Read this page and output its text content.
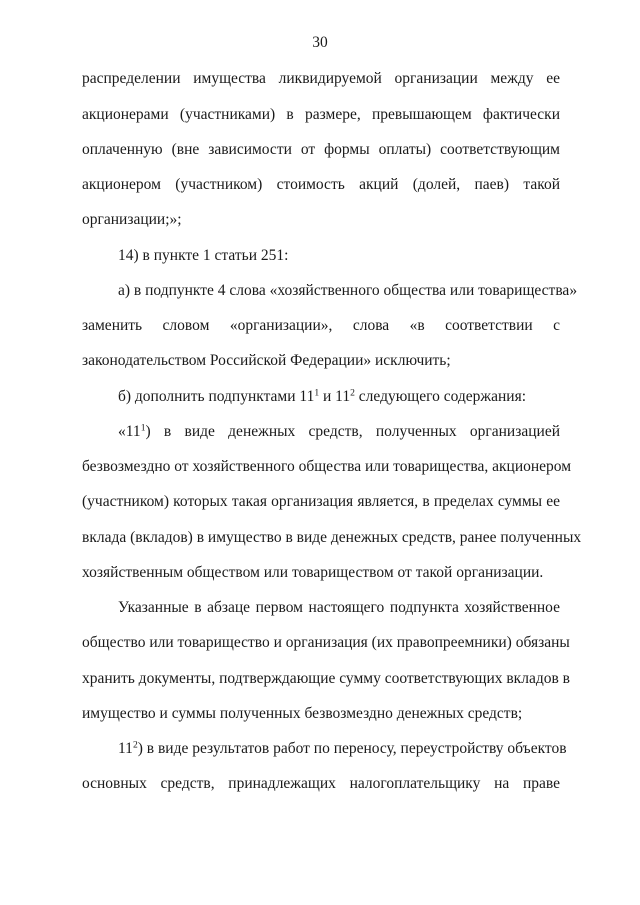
30
распределении имущества ликвидируемой организации между ее
акционерами (участниками) в размере, превышающем фактически
оплаченную (вне зависимости от формы оплаты) соответствующим
акционером (участником) стоимость акций (долей, паев) такой
организации;»;
14) в пункте 1 статьи 251:
а) в подпункте 4 слова «хозяйственного общества или товарищества»
заменить словом «организации», слова «в соответствии с
законодательством Российской Федерации» исключить;
б) дополнить подпунктами $11^1$ и $11^2$ следующего содержания:
«$11^1$) в виде денежных средств, полученных организацией
безвозмездно от хозяйственного общества или товарищества, акционером
(участником) которых такая организация является, в пределах суммы ее
вклада (вкладов) в имущество в виде денежных средств, ранее полученных
хозяйственным обществом или товариществом от такой организации.
Указанные в абзаце первом настоящего подпункта хозяйственное
общество или товарищество и организация (их правопреемники) обязаны
хранить документы, подтверждающие сумму соответствующих вкладов в
имущество и суммы полученных безвозмездно денежных средств;
$11^2$) в виде результатов работ по переносу, переустройству объектов
основных средств, принадлежащих налогоплательщику на праве
